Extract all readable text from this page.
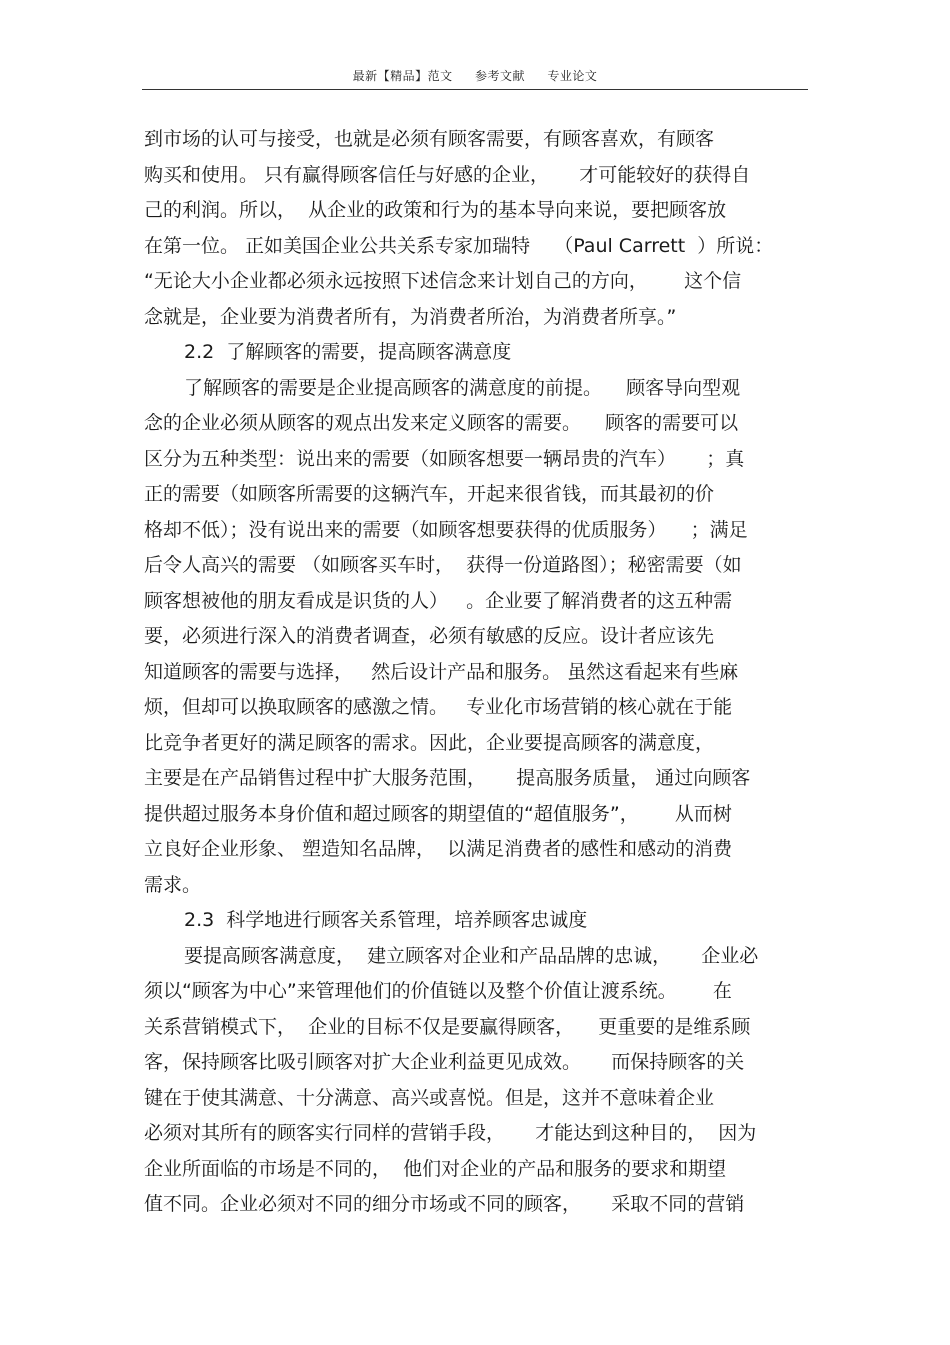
最新【精品】范文 参考文献 专业论文
到市场的认可与接受，也就是必须有顾客需要，有顾客喜欢，有顾客
购买和使用。 只有赢得顾客信任与好感的企业，     才可能较好的获得自
己的利润。所以，  从企业的政策和行为的基本导向来说，要把顾客放
在第一位。 正如美国企业公共关系专家加瑞特    （Paul Carrett  ）所说：
“无论大小企业都必须永远按照下述信念来计划自己的方向，      这个信
念就是，企业要为消费者所有，为消费者所治，为消费者所享。”
2.2  了解顾客的需要，提高顾客满意度
了解顾客的需要是企业提高顾客的满意度的前提。    顾客导向型观
念的企业必须从顾客的观点出发来定义顾客的需要。    顾客的需要可以
区分为五种类型：说出来的需要（如顾客想要一辆昂贵的汽车）     ；真
正的需要（如顾客所需要的这辆汽车，开起来很省钱，而其最初的价
格却不低）；没有说出来的需要（如顾客想要获得的优质服务）    ；满足
后令人高兴的需要 （如顾客买车时，  获得一份道路图）；秘密需要（如
顾客想被他的朋友看成是识货的人）   。企业要了解消费者的这五种需
要，必须进行深入的消费者调查，必须有敏感的反应。设计者应该先
知道顾客的需要与选择，   然后设计产品和服务。 虽然这看起来有些麻
烦，但却可以换取顾客的感激之情。   专业化市场营销的核心就在于能
比竞争者更好的满足顾客的需求。因此，企业要提高顾客的满意度，
主要是在产品销售过程中扩大服务范围，     提高服务质量， 通过向顾客
提供超过服务本身价值和超过顾客的期望值的“超值服务”，      从而树
立良好企业形象、 塑造知名品牌，  以满足消费者的感性和感动的消费
需求。
2.3  科学地进行顾客关系管理，培养顾客忠诚度
要提高顾客满意度，  建立顾客对企业和产品品牌的忠诚，     企业必
须以“顾客为中心”来管理他们的价值链以及整个价值让渡系统。      在
关系营销模式下，  企业的目标不仅是要赢得顾客，    更重要的是维系顾
客，保持顾客比吸引顾客对扩大企业利益更见成效。     而保持顾客的关
键在于使其满意、十分满意、高兴或喜悦。但是，这并不意味着企业
必须对其所有的顾客实行同样的营销手段，     才能达到这种目的，  因为
企业所面临的市场是不同的，  他们对企业的产品和服务的要求和期望
值不同。企业必须对不同的细分市场或不同的顾客，     采取不同的营销
